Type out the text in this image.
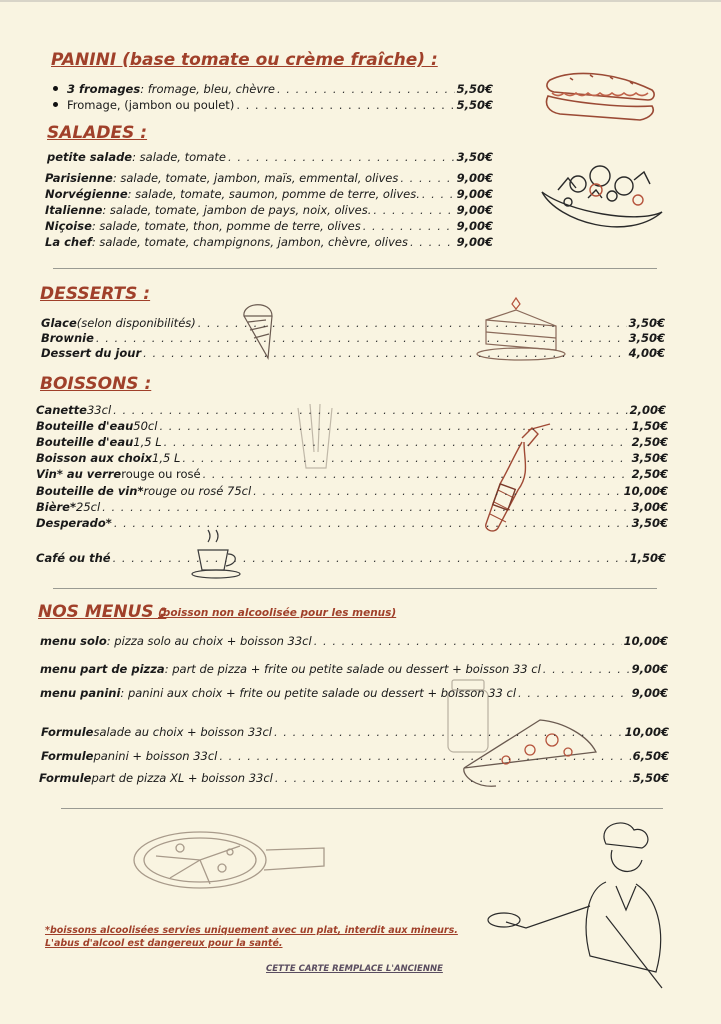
PANINI (base tomate ou crème fraîche) :
3 fromages : fromage, bleu, chèvre . . .	5,50€
Fromage, (jambon ou poulet) . . .	5,50€
SALADES :
petite salade : salade, tomate . . .	3,50€
Parisienne : salade, tomate, jambon, maïs, emmental, olives . . .	9,00€
Norvégienne : salade, tomate, saumon, pomme de terre, olives. . . .	9,00€
Italienne : salade, tomate, jambon de pays, noix, olives. . . .	9,00€
Niçoise : salade, tomate, thon, pomme de terre, olives . . .	9,00€
La chef : salade, tomate, champignons, jambon, chèvre, olives . . .	9,00€
DESSERTS :
Glace (selon disponibilités) . . .	3,50€
Brownie . . .	3,50€
Dessert du jour . . .	4,00€
BOISSONS :
Canette 33cl . . .	2,00€
Bouteille d'eau 50cl . . .	1,50€
Bouteille d'eau 1,5 L . . .	2,50€
Boisson aux choix 1,5 L . . .	3,50€
Vin* au verre rouge ou rosé . . .	2,50€
Bouteille de vin* rouge ou rosé 75cl . . .	10,00€
Bière* 25cl . . .	3,00€
Desperado* . . .	3,50€
Café ou thé . . .	1,50€
NOS MENUS :
(boisson non alcoolisée pour les menus)
menu solo : pizza solo au choix + boisson 33cl . . .	10,00€
menu part de pizza : part de pizza + frite ou petite salade ou dessert + boisson 33 cl . . .	9,00€
menu panini : panini aux choix + frite ou petite salade ou dessert + boisson 33 cl . . .	9,00€
Formule salade au choix + boisson 33cl . . .	10,00€
Formule panini + boisson 33cl . . .	6,50€
Formule part de pizza XL + boisson 33cl . . .	5,50€
*boissons alcoolisées servies uniquement avec un plat, interdit aux mineurs.
L'abus d'alcool est dangereux pour la santé.
CETTE CARTE REMPLACE L'ANCIENNE
